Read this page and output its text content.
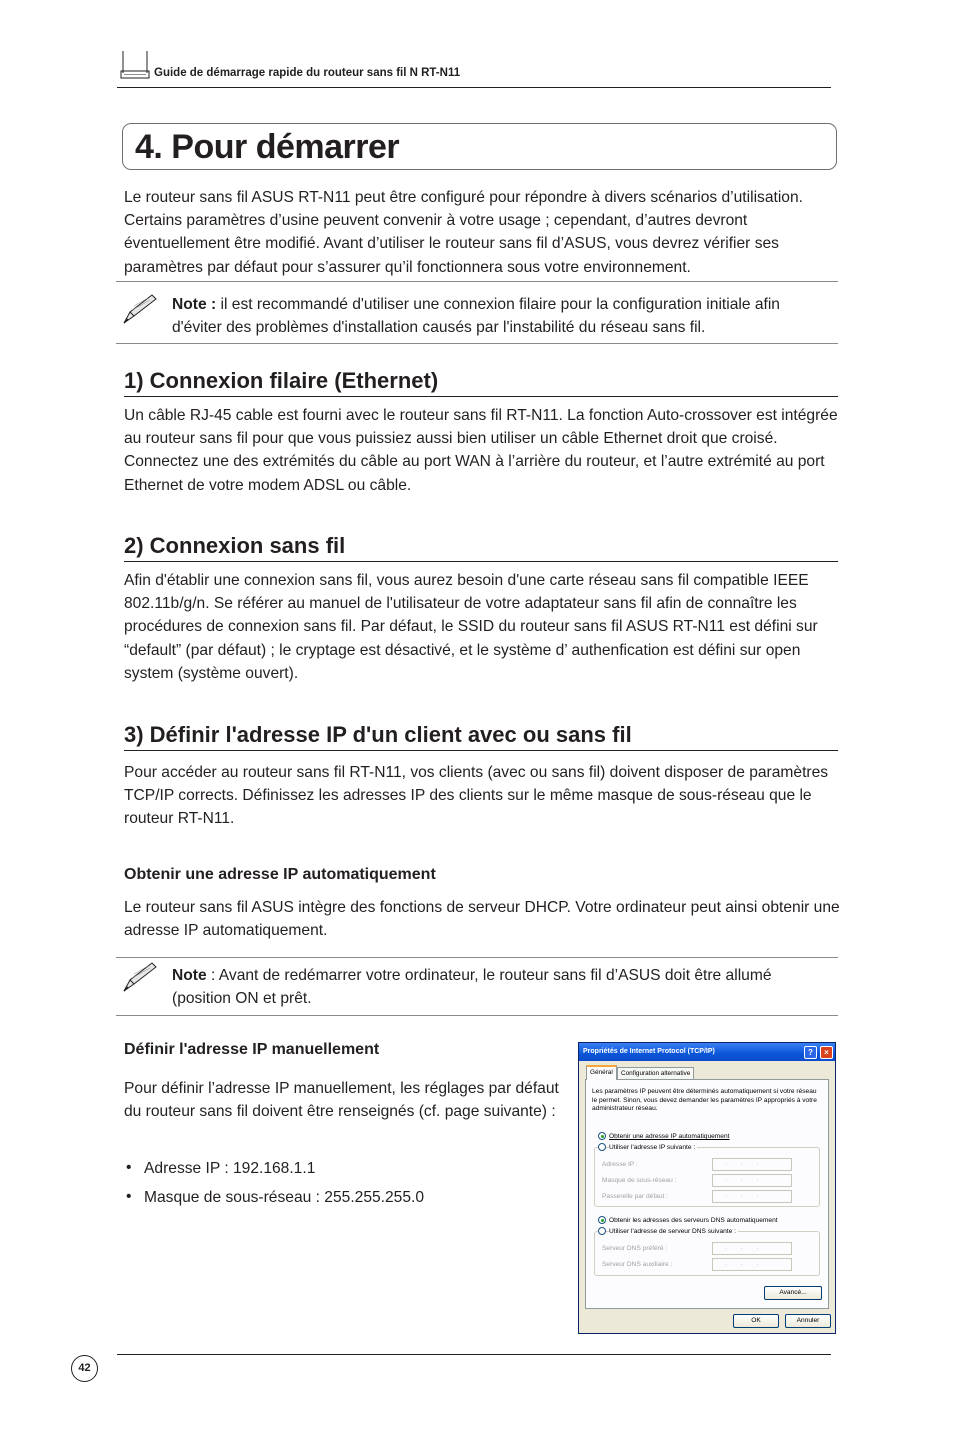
Guide de démarrage rapide du routeur sans fil N RT-N11
4. Pour démarrer
Le routeur sans fil ASUS RT-N11 peut être configuré pour répondre à divers scénarios d’utilisation. Certains paramètres d’usine peuvent convenir à votre usage ; cependant, d’autres devront éventuellement être modifié. Avant d’utiliser le routeur sans fil d’ASUS, vous devrez vérifier ses paramètres par défaut pour s’assurer qu’il fonctionnera sous votre environnement.
Note : il est recommandé d'utiliser une connexion filaire pour la configuration initiale afin d'éviter des problèmes d'installation causés par l'instabilité du réseau sans fil.
1) Connexion filaire (Ethernet)
Un câble RJ-45 cable est fourni avec le routeur sans fil RT-N11. La fonction Auto-crossover est intégrée au routeur sans fil pour que vous puissiez aussi bien utiliser un câble Ethernet droit que croisé. Connectez une des extrémités du câble au port WAN à l’arrière du routeur, et l’autre extrémité au port Ethernet de votre modem ADSL ou câble.
2) Connexion sans fil
Afin d'établir une connexion sans fil, vous aurez besoin d'une carte réseau sans fil compatible IEEE 802.11b/g/n. Se référer au manuel de l'utilisateur de votre adaptateur sans fil afin de connaître les procédures de connexion sans fil. Par défaut, le SSID du routeur sans fil ASUS RT-N11 est défini sur “default” (par défaut) ; le cryptage est désactivé, et le système d’ authenfication est défini sur open system (système ouvert).
3) Définir l'adresse IP d'un client avec ou sans fil
Pour accéder au routeur sans fil RT-N11, vos clients (avec ou sans fil) doivent disposer de paramètres TCP/IP corrects. Définissez les adresses IP des clients sur le même masque de sous-réseau que le routeur RT-N11.
Obtenir une adresse IP automatiquement
Le routeur sans fil ASUS intègre des fonctions de serveur DHCP. Votre ordinateur peut ainsi obtenir une adresse IP automatiquement.
Note : Avant de redémarrer votre ordinateur, le routeur sans fil d’ASUS doit être allumé (position ON et prêt.
Définir l'adresse IP manuellement
Pour définir l’adresse IP manuellement, les réglages par défaut du routeur sans fil doivent être renseignés (cf. page suivante) :
• Adresse IP : 192.168.1.1
• Masque de sous-réseau : 255.255.255.0
Propriétés de Internet Protocol (TCP/IP)	?	×
Les paramètres IP peuvent être déterminés automatiquement si votre réseau le permet. Sinon, vous devez demander les paramètres IP appropriés à votre administrateur réseau.
Obtenir une adresse IP automatiquement
Utiliser l'adresse IP suivante :
Adresse IP :	...
Masque de sous-réseau :	...
Passerelle par défaut :	...
Obtenir les adresses des serveurs DNS automatiquement
Utiliser l'adresse de serveur DNS suivante :
Serveur DNS préféré :	...
Serveur DNS auxiliaire :	...
Avancé...
Configuration alternative
Général
OK	Annuler
42
